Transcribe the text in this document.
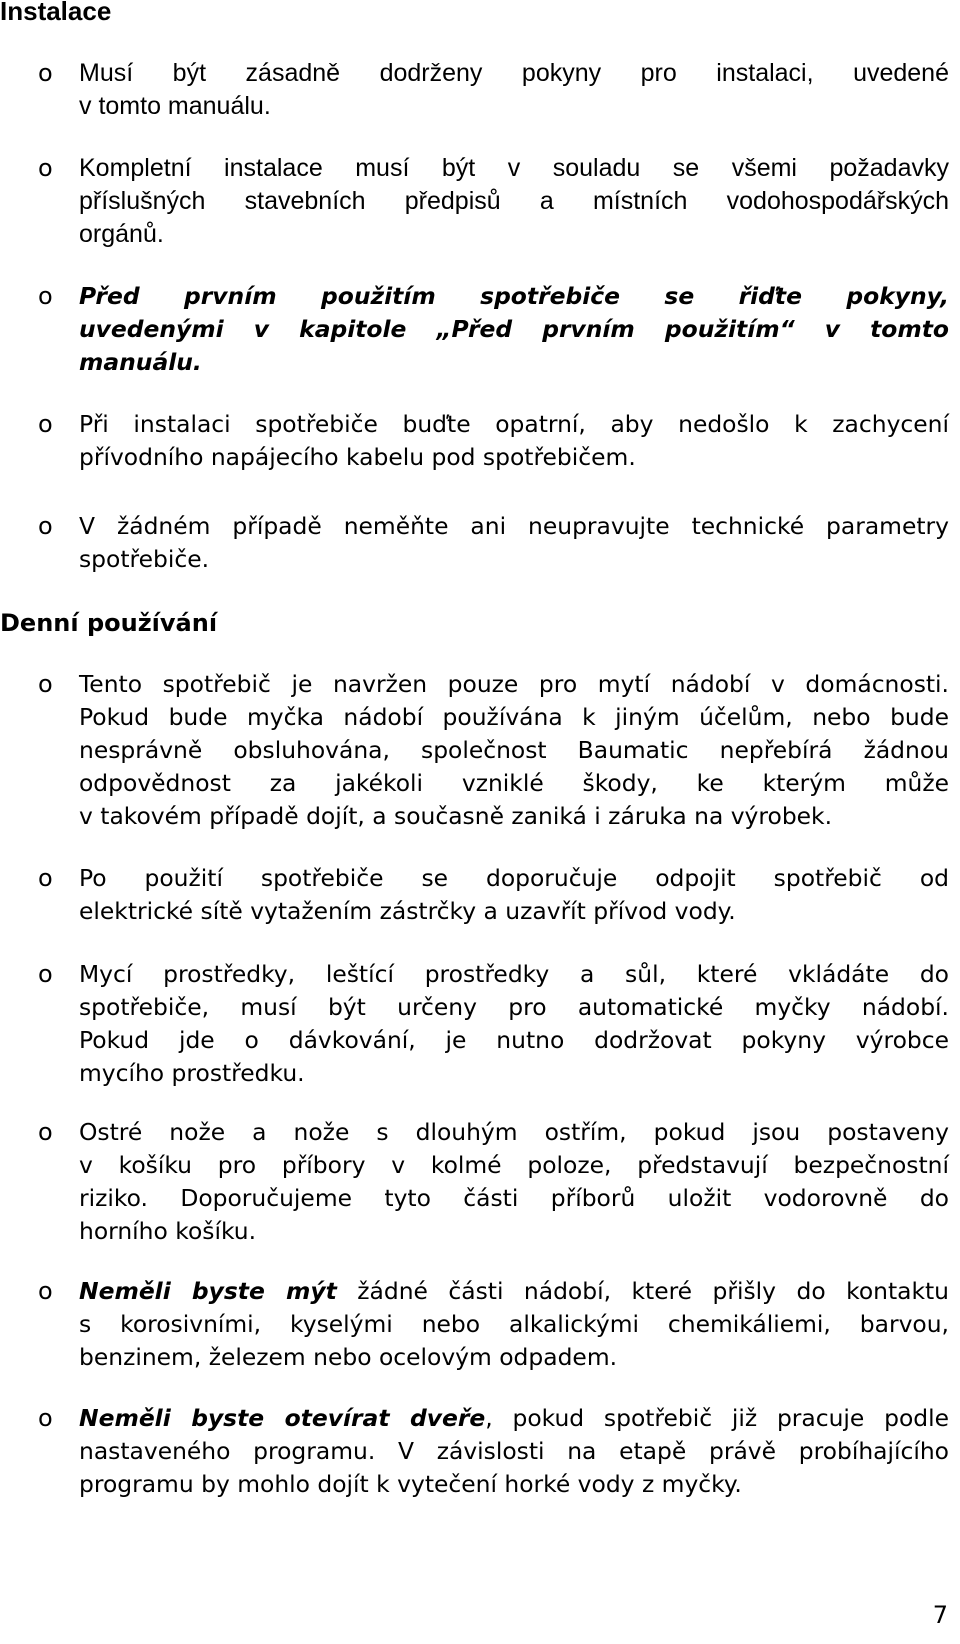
Instalace
o Musí být zásadně dodrženy pokyny pro instalaci, uvedené
v tomto manuálu.
o Kompletní instalace musí být v souladu se všemi požadavky
příslušných stavebních předpisů a místních vodohospodářských
orgánů.
o Před prvním použitím spotřebiče se řiďte pokyny,
uvedenými v kapitole „Před prvním použitím“ v tomto
manuálu.
o Při instalaci spotřebiče buďte opatrní, aby nedošlo k zachycení
přívodního napájecího kabelu pod spotřebičem.
o V žádném případě neměňte ani neupravujte technické parametry
spotřebiče.
Denní používání
o Tento spotřebič je navržen pouze pro mytí nádobí v domácnosti.
Pokud bude myčka nádobí používána k jiným účelům, nebo bude
nesprávně obsluhována, společnost Baumatic nepřebírá žádnou
odpovědnost za jakékoli vzniklé škody, ke kterým může
v takovém případě dojít, a současně zaniká i záruka na výrobek.
o Po použití spotřebiče se doporučuje odpojit spotřebič od
elektrické sítě vytažením zástrčky a uzavřít přívod vody.
o Mycí prostředky, leštící prostředky a sůl, které vkládáte do
spotřebiče, musí být určeny pro automatické myčky nádobí.
Pokud jde o dávkování, je nutno dodržovat pokyny výrobce
mycího prostředku.
o Ostré nože a nože s dlouhým ostřím, pokud jsou postaveny
v košíku pro příbory v kolmé poloze, představují bezpečnostní
riziko. Doporučujeme tyto části příborů uložit vodorovně do
horního košíku.
o Neměli byste mýt žádné části nádobí, které přišly do kontaktu
s korosivními, kyselými nebo alkalickými chemikáliemi, barvou,
benzinem, železem nebo ocelovým odpadem.
o Neměli byste otevírat dveře, pokud spotřebič již pracuje podle
nastaveného programu. V závislosti na etapě právě probíhajícího
programu by mohlo dojít k vytečení horké vody z myčky.
7
